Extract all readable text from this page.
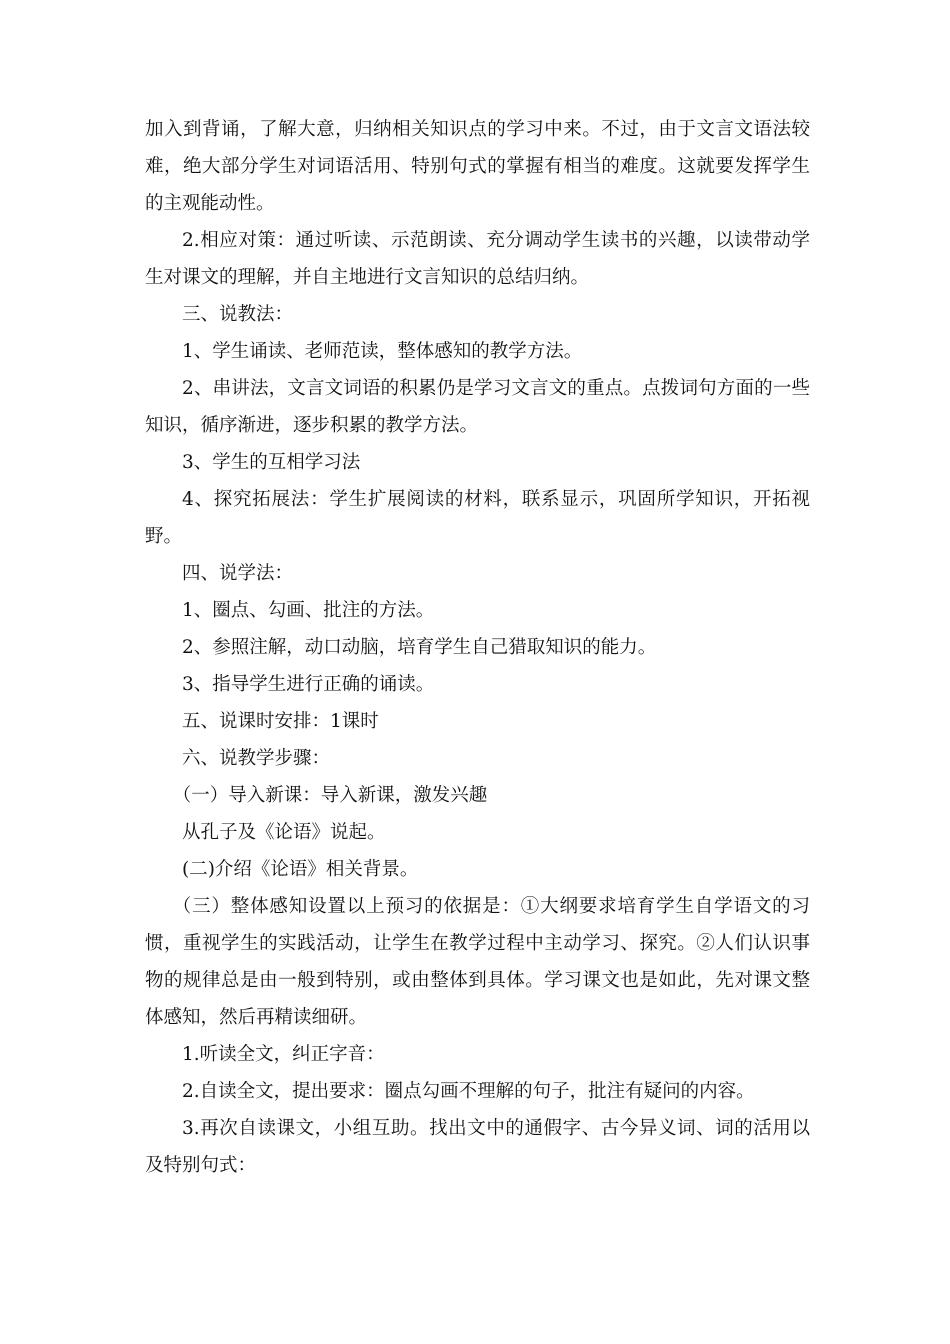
加入到背诵，了解大意，归纳相关知识点的学习中来。不过，由于文言文语法较难，绝大部分学生对词语活用、特别句式的掌握有相当的难度。这就要发挥学生的主观能动性。

2.相应对策：通过听读、示范朗读、充分调动学生读书的兴趣，以读带动学生对课文的理解，并自主地进行文言知识的总结归纳。

三、说教法：

1、学生诵读、老师范读，整体感知的教学方法。

2、串讲法，文言文词语的积累仍是学习文言文的重点。点拨词句方面的一些知识，循序渐进，逐步积累的教学方法。

3、学生的互相学习法

4、探究拓展法：学生扩展阅读的材料，联系显示，巩固所学知识，开拓视野。

四、说学法：

1、圈点、勾画、批注的方法。

2、参照注解，动口动脑，培育学生自己猎取知识的能力。

3、指导学生进行正确的诵读。

五、说课时安排：1课时

六、说教学步骤：

（一）导入新课：导入新课，激发兴趣

从孔子及《论语》说起。

(二)介绍《论语》相关背景。

（三）整体感知设置以上预习的依据是：①大纲要求培育学生自学语文的习惯，重视学生的实践活动，让学生在教学过程中主动学习、探究。②人们认识事物的规律总是由一般到特别，或由整体到具体。学习课文也是如此，先对课文整体感知，然后再精读细研。

1.听读全文，纠正字音：

2.自读全文，提出要求：圈点勾画不理解的句子，批注有疑问的内容。

3.再次自读课文，小组互助。找出文中的通假字、古今异义词、词的活用以及特别句式：
